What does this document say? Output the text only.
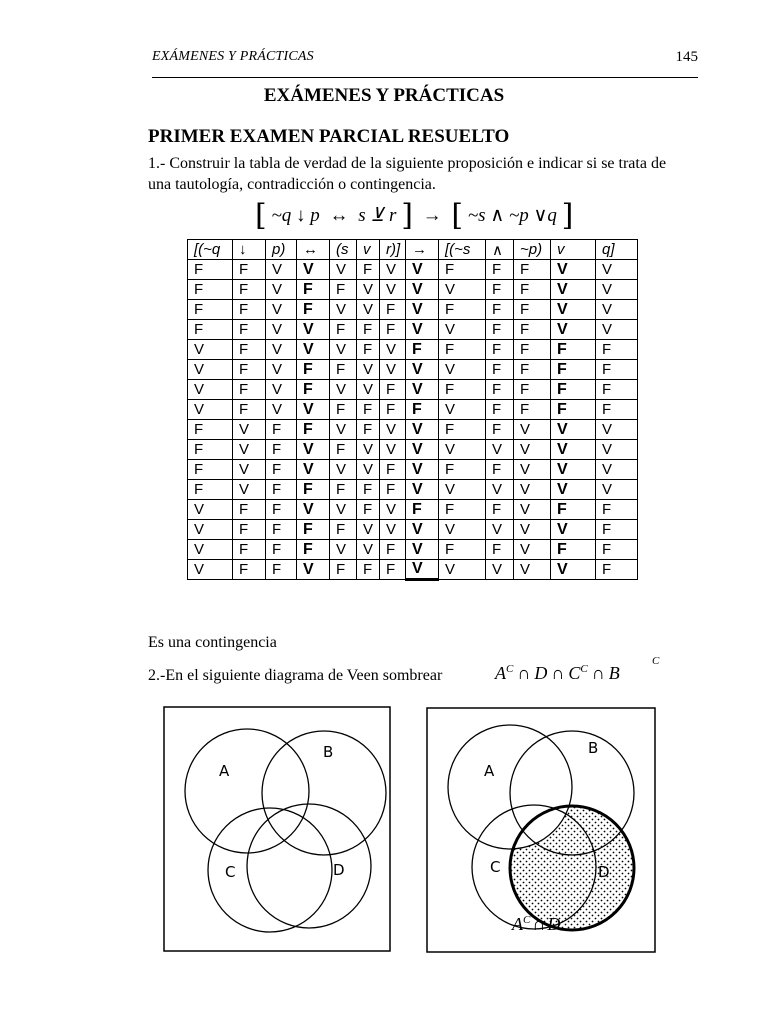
EXÁMENES Y PRÁCTICAS	145
EXÁMENES Y PRÁCTICAS
PRIMER EXAMEN PARCIAL RESUELTO
1.- Construir la tabla de verdad de la siguiente proposición e indicar si se trata de una tautología, contradicción o contingencia.
[ ~q ↓ p ↔ s ⊻ r ] → [ ~s ∧ ~p ∨q ]
[(~q	↓	p)	↔	(s	v	r)]	→	[(~s	∧	~p)	v	q]
F	F	V	V	V	F	V	V	F	F	F	V	V
F	F	V	F	F	V	V	V	V	F	F	V	V
F	F	V	F	V	V	F	V	F	F	F	V	V
F	F	V	V	F	F	F	V	V	F	F	V	V
V	F	V	V	V	F	V	F	F	F	F	F	F
V	F	V	F	F	V	V	V	V	F	F	F	F
V	F	V	F	V	V	F	V	F	F	F	F	F
V	F	V	V	F	F	F	F	V	F	F	F	F
F	V	F	F	V	F	V	V	F	F	V	V	V
F	V	F	V	F	V	V	V	V	V	V	V	V
F	V	F	V	V	V	F	V	F	F	V	V	V
F	V	F	F	F	F	F	V	V	V	V	V	V
V	F	F	V	V	F	V	F	F	F	V	F	F
V	F	F	F	F	V	V	V	V	V	V	V	F
V	F	F	F	V	V	F	V	F	F	V	F	F
V	F	F	V	F	F	F	V	V	V	V	V	F
Es una contingencia
2.-En el siguiente diagrama de Veen sombrear	$A^C$ ∩ D ∩ $C^C$ ∩ B
C
A
B
C	D
A
B
C	D
$A^C$ ∩ D
